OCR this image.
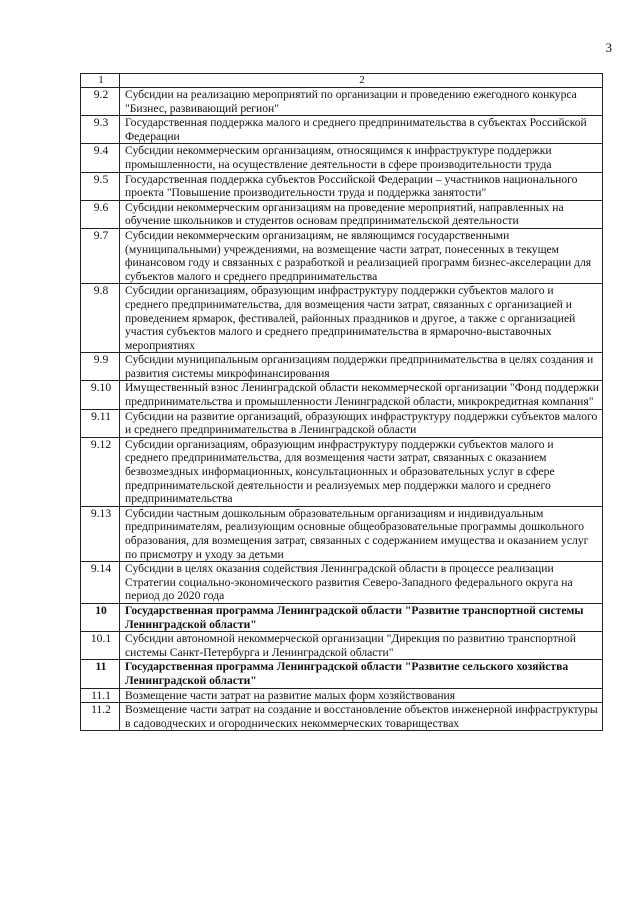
3
1	2
9.2	Субсидии на реализацию мероприятий по организации и проведению ежегодного конкурса "Бизнес, развивающий регион"
9.3	Государственная поддержка малого и среднего предпринимательства в субъектах Российской Федерации
9.4	Субсидии некоммерческим организациям, относящимся к инфраструктуре поддержки промышленности, на осуществление деятельности в сфере производительности труда
9.5	Государственная поддержка субъектов Российской Федерации – участников национального проекта "Повышение производительности труда и поддержка занятости"
9.6	Субсидии некоммерческим организациям на проведение мероприятий, направленных на обучение школьников и студентов основам предпринимательской деятельности
9.7	Субсидии некоммерческим организациям, не являющимся государственными (муниципальными) учреждениями, на возмещение части затрат, понесенных в текущем финансовом году и связанных с разработкой и реализацией программ бизнес-акселерации для субъектов малого и среднего предпринимательства
9.8	Субсидии организациям, образующим инфраструктуру поддержки субъектов малого и среднего предпринимательства, для возмещения части затрат, связанных с организацией и проведением ярмарок, фестивалей, районных праздников и другое, а также с организацией участия субъектов малого и среднего предпринимательства в ярмарочно-выставочных мероприятиях
9.9	Субсидии муниципальным организациям поддержки предпринимательства в целях создания и развития системы микрофинансирования
9.10	Имущественный взнос Ленинградской области некоммерческой организации "Фонд поддержки предпринимательства и промышленности Ленинградской области, микрокредитная компания"
9.11	Субсидии на развитие организаций, образующих инфраструктуру поддержки субъектов малого и среднего предпринимательства в Ленинградской области
9.12	Субсидии организациям, образующим инфраструктуру поддержки субъектов малого и среднего предпринимательства, для возмещения части затрат, связанных с оказанием безвозмездных информационных, консультационных и образовательных услуг в сфере предпринимательской деятельности и реализуемых мер поддержки малого и среднего предпринимательства
9.13	Субсидии частным дошкольным образовательным организациям и индивидуальным предпринимателям, реализующим основные общеобразовательные программы дошкольного образования, для возмещения затрат, связанных с содержанием имущества и оказанием услуг по присмотру и уходу за детьми
9.14	Субсидии в целях оказания содействия Ленинградской области в процессе реализации Стратегии социально-экономического развития Северо-Западного федерального округа на период до 2020 года
10	Государственная программа Ленинградской области "Развитие транспортной системы Ленинградской области"
10.1	Субсидии автономной некоммерческой организации "Дирекция по развитию транспортной системы Санкт-Петербурга и Ленинградской области"
11	Государственная программа Ленинградской области "Развитие сельского хозяйства Ленинградской области"
11.1	Возмещение части затрат на развитие малых форм хозяйствования
11.2	Возмещение части затрат на создание и восстановление объектов инженерной инфраструктуры в садоводческих и огороднических некоммерческих товариществах
